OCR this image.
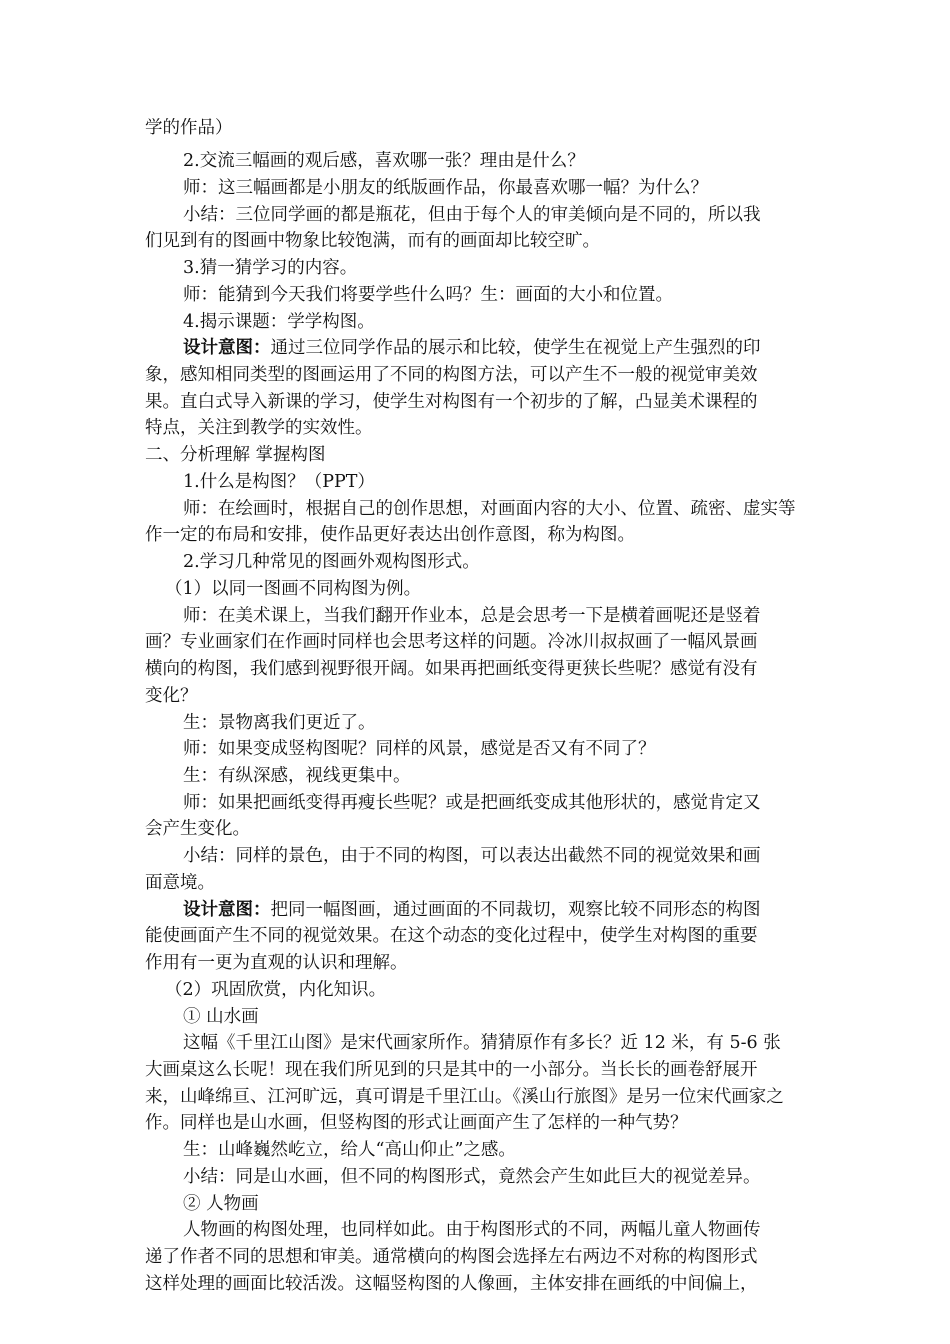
学的作品）
2.交流三幅画的观后感，喜欢哪一张？理由是什么？
师：这三幅画都是小朋友的纸版画作品，你最喜欢哪一幅？为什么？
小结：三位同学画的都是瓶花，但由于每个人的审美倾向是不同的，所以我
们见到有的图画中物象比较饱满，而有的画面却比较空旷。
3.猜一猜学习的内容。
师：能猜到今天我们将要学些什么吗？生：画面的大小和位置。
4.揭示课题：学学构图。
设计意图：通过三位同学作品的展示和比较，使学生在视觉上产生强烈的印
象，感知相同类型的图画运用了不同的构图方法，可以产生不一般的视觉审美效
果。直白式导入新课的学习，使学生对构图有一个初步的了解，凸显美术课程的
特点，关注到教学的实效性。
二、分析理解 掌握构图
1.什么是构图？（PPT）
师：在绘画时，根据自己的创作思想，对画面内容的大小、位置、疏密、虚实等
作一定的布局和安排，使作品更好表达出创作意图，称为构图。
2.学习几种常见的图画外观构图形式。
（1）以同一图画不同构图为例。
师：在美术课上，当我们翻开作业本，总是会思考一下是横着画呢还是竖着
画？专业画家们在作画时同样也会思考这样的问题。冷冰川叔叔画了一幅风景画
横向的构图，我们感到视野很开阔。如果再把画纸变得更狭长些呢？感觉有没有
变化？
生：景物离我们更近了。
师：如果变成竖构图呢？同样的风景，感觉是否又有不同了？
生：有纵深感，视线更集中。
师：如果把画纸变得再瘦长些呢？或是把画纸变成其他形状的，感觉肯定又
会产生变化。
小结：同样的景色，由于不同的构图，可以表达出截然不同的视觉效果和画
面意境。
设计意图：把同一幅图画，通过画面的不同裁切，观察比较不同形态的构图
能使画面产生不同的视觉效果。在这个动态的变化过程中，使学生对构图的重要
作用有一更为直观的认识和理解。
（2）巩固欣赏，内化知识。
① 山水画
这幅《千里江山图》是宋代画家所作。猜猜原作有多长？近 12 米，有 5-6 张
大画桌这么长呢！现在我们所见到的只是其中的一小部分。当长长的画卷舒展开
来，山峰绵亘、江河旷远，真可谓是千里江山。《溪山行旅图》是另一位宋代画家之
作。同样也是山水画，但竖构图的形式让画面产生了怎样的一种气势？
生：山峰巍然屹立，给人“高山仰止”之感。
小结：同是山水画，但不同的构图形式，竟然会产生如此巨大的视觉差异。
② 人物画
人物画的构图处理，也同样如此。由于构图形式的不同，两幅儿童人物画传
递了作者不同的思想和审美。通常横向的构图会选择左右两边不对称的构图形式
这样处理的画面比较活泼。这幅竖构图的人像画，主体安排在画纸的中间偏上，
